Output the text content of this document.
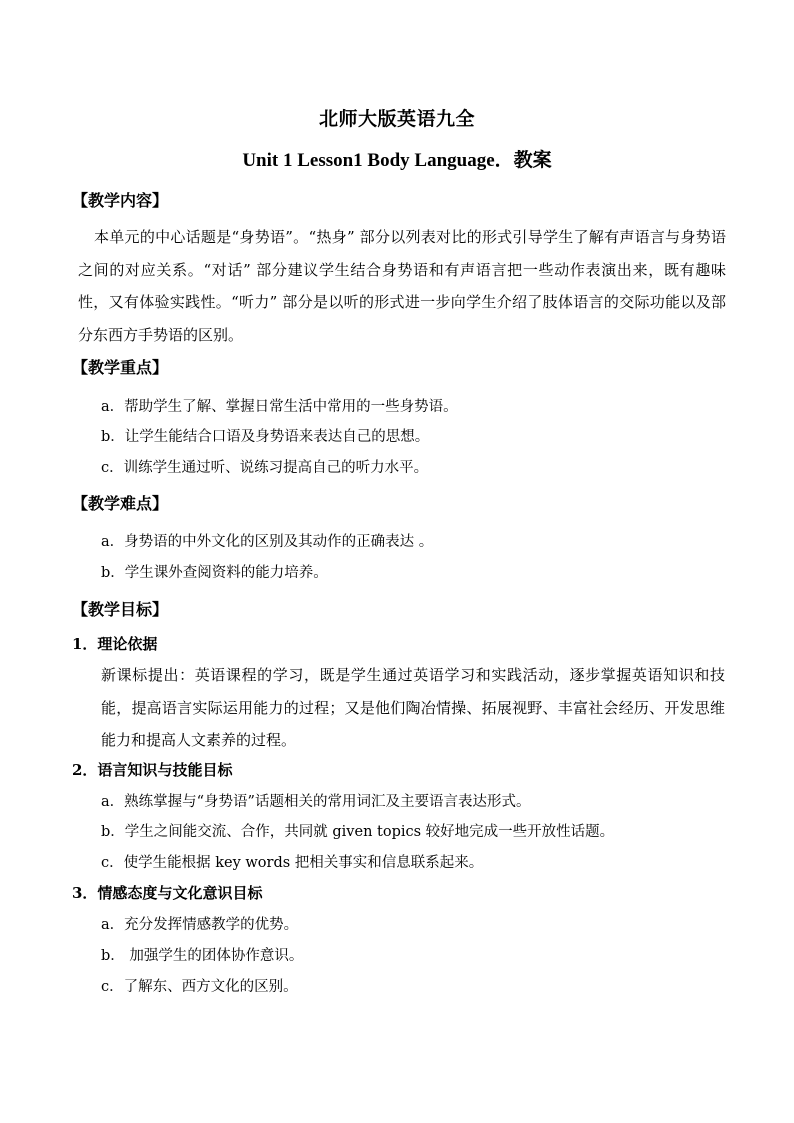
北师大版英语九全
Unit 1 Lesson1 Body Language．教案
【教学内容】

本单元的中心话题是“身势语”。“热身” 部分以列表对比的形式引导学生了解有声语言与身势语之间的对应关系。“对话” 部分建议学生结合身势语和有声语言把一些动作表演出来，既有趣味性，又有体验实践性。“听力” 部分是以听的形式进一步向学生介绍了肢体语言的交际功能以及部分东西方手势语的区别。

【教学重点】

a．帮助学生了解、掌握日常生活中常用的一些身势语。

b．让学生能结合口语及身势语来表达自己的思想。

c．训练学生通过听、说练习提高自己的听力水平。

【教学难点】

a．身势语的中外文化的区别及其动作的正确表达 。

b．学生课外查阅资料的能力培养。

【教学目标】

1．理论依据

新课标提出：英语课程的学习，既是学生通过英语学习和实践活动，逐步掌握英语知识和技能，提高语言实际运用能力的过程；又是他们陶冶情操、拓展视野、丰富社会经历、开发思维能力和提高人文素养的过程。

2．语言知识与技能目标

a．熟练掌握与“身势语”话题相关的常用词汇及主要语言表达形式。

b．学生之间能交流、合作，共同就 given topics 较好地完成一些开放性话题。

c．使学生能根据 key words 把相关事实和信息联系起来。

3．情感态度与文化意识目标

a．充分发挥情感教学的优势。

b． 加强学生的团体协作意识。

c．了解东、西方文化的区别。
